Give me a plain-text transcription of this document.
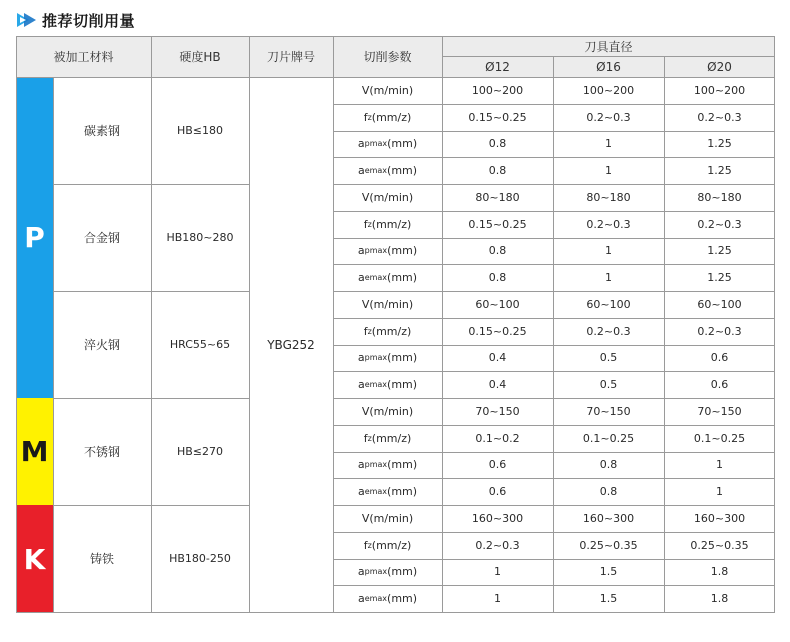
推荐切削用量
被加工材料	硬度HB	刀片牌号	切削参数
刀具直径
Ø12	Ø16	Ø20
P
M
K
YBG252
碳素钢	HB≤180
V(m/min)	100~200	100~200	100~200
f z (mm/z)	0.15~0.25	0.2~0.3	0.2~0.3
a pmax (mm)	0.8	1	1.25
a emax (mm)	0.8	1	1.25
合金钢	HB180~280
V(m/min)	80~180	80~180	80~180
f z (mm/z)	0.15~0.25	0.2~0.3	0.2~0.3
a pmax (mm)	0.8	1	1.25
a emax (mm)	0.8	1	1.25
淬火钢	HRC55~65
V(m/min)	60~100	60~100	60~100
f z (mm/z)	0.15~0.25	0.2~0.3	0.2~0.3
a pmax (mm)	0.4	0.5	0.6
a emax (mm)	0.4	0.5	0.6
不锈钢	HB≤270
V(m/min)	70~150	70~150	70~150
f z (mm/z)	0.1~0.2	0.1~0.25	0.1~0.25
a pmax (mm)	0.6	0.8	1
a emax (mm)	0.6	0.8	1
铸铁	HB180-250
V(m/min)	160~300	160~300	160~300
f z (mm/z)	0.2~0.3	0.25~0.35	0.25~0.35
a pmax (mm)	1	1.5	1.8
a emax (mm)	1	1.5	1.8
